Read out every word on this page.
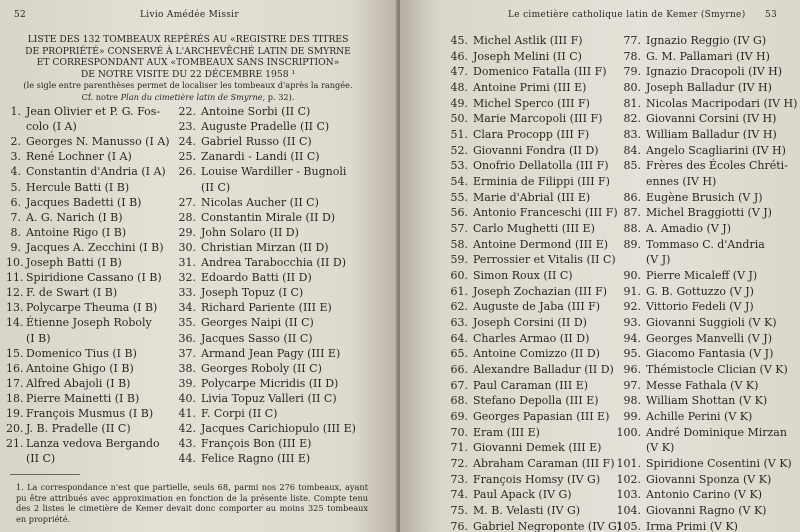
52	Livio Amédée Missir
LISTE DES 132 TOMBEAUX REPÉRÉS AU «REGISTRE DES TITRES
DE PROPRIÉTÉ» CONSERVÉ À L'ARCHEVÊCHÉ LATIN DE SMYRNE
ET CORRESPONDANT AUX «TOMBEAUX SANS INSCRIPTION»
DE NOTRE VISITE DU 22 DÉCEMBRE 1958 ¹
(le sigle entre parenthèses permet de localiser les tombeaux d'après la rangée.
Cf. notre Plan du cimetière latin de Smyrne, p. 32).
1. Jean Olivier et P. G. Fos-
colo (I A)
2. Georges N. Manusso (I A)
3. René Lochner (I A)
4. Constantin d'Andria (I A)
5. Hercule Batti (I B)
6. Jacques Badetti (I B)
7. A. G. Narich (I B)
8. Antoine Rigo (I B)
9. Jacques A. Zecchini (I B)
10. Joseph Batti (I B)
11. Spiridione Cassano (I B)
12. F. de Swart (I B)
13. Polycarpe Theuma (I B)
14. Étienne Joseph Roboly
(I B)
15. Domenico Tius (I B)
16. Antoine Ghigo (I B)
17. Alfred Abajoli (I B)
18. Pierre Mainetti (I B)
19. François Musmus (I B)
20. J. B. Pradelle (II C)
21. Lanza vedova Bergando
(II C)
22. Antoine Sorbi (II C)
23. Auguste Pradelle (II C)
24. Gabriel Russo (II C)
25. Zanardi - Landi (II C)
26. Louise Wardiller - Bugnoli
(II C)
27. Nicolas Aucher (II C)
28. Constantin Mirale (II D)
29. John Solaro (II D)
30. Christian Mirzan (II D)
31. Andrea Tarabocchia (II D)
32. Edoardo Batti (II D)
33. Joseph Topuz (I C)
34. Richard Pariente (III E)
35. Georges Naipi (II C)
36. Jacques Sasso (II C)
37. Armand Jean Pagy (III E)
38. Georges Roboly (II C)
39. Polycarpe Micridis (II D)
40. Livia Topuz Valleri (II C)
41. F. Corpi (II C)
42. Jacques Carichiopulo (III E)
43. François Bon (III E)
44. Felice Ragno (III E)
1. La correspondance n'est que partielle, seuls 68, parmi nos 276 tombeaux, ayant pu être attribués avec approximation en fonction de la présente liste. Compte tenu des 2 listes le cimetière de Kemer devait donc comporter au moins 325 tombeaux en propriété.
Le cimetière catholique latin de Kemer (Smyrne) 53
45. Michel Astlik (III F)
46. Joseph Melini (II C)
47. Domenico Fatalla (III F)
48. Antoine Primi (III E)
49. Michel Sperco (III F)
50. Marie Marcopoli (III F)
51. Clara Procopp (III F)
52. Giovanni Fondra (II D)
53. Onofrio Dellatolla (III F)
54. Erminia de Filippi (III F)
55. Marie d'Abrial (III E)
56. Antonio Franceschi (III F)
57. Carlo Mughetti (III E)
58. Antoine Dermond (III E)
59. Perrossier et Vitalis (II C)
60. Simon Roux (II C)
61. Joseph Zochazian (III F)
62. Auguste de Jaba (III F)
63. Joseph Corsini (II D)
64. Charles Armao (II D)
65. Antoine Comizzo (II D)
66. Alexandre Balladur (II D)
67. Paul Caraman (III E)
68. Stefano Depolla (III E)
69. Georges Papasian (III E)
70. Eram (III E)
71. Giovanni Demek (III E)
72. Abraham Caraman (III F)
73. François Homsy (IV G)
74. Paul Apack (IV G)
75. M. B. Velasti (IV G)
76. Gabriel Negroponte (IV G)
77. Ignazio Reggio (IV G)
78. G. M. Pallamari (IV H)
79. Ignazio Dracopoli (IV H)
80. Joseph Balladur (IV H)
81. Nicolas Macripodari (IV H)
82. Giovanni Corsini (IV H)
83. William Balladur (IV H)
84. Angelo Scagliarini (IV H)
85. Frères des Écoles Chréti-
ennes (IV H)
86. Eugène Brusich (V J)
87. Michel Braggiotti (V J)
88. A. Amadio (V J)
89. Tommaso C. d'Andria
(V J)
90. Pierre Micaleff (V J)
91. G. B. Gottuzzo (V J)
92. Vittorio Fedeli (V J)
93. Giovanni Suggioli (V K)
94. Georges Manvelli (V J)
95. Giacomo Fantasia (V J)
96. Thémistocle Clician (V K)
97. Messe Fathala (V K)
98. William Shottan (V K)
99. Achille Perini (V K)
100. André Dominique Mirzan
(V K)
101. Spiridione Cosentini (V K)
102. Giovanni Sponza (V K)
103. Antonio Carino (V K)
104. Giovanni Ragno (V K)
105. Irma Primi (V K)
